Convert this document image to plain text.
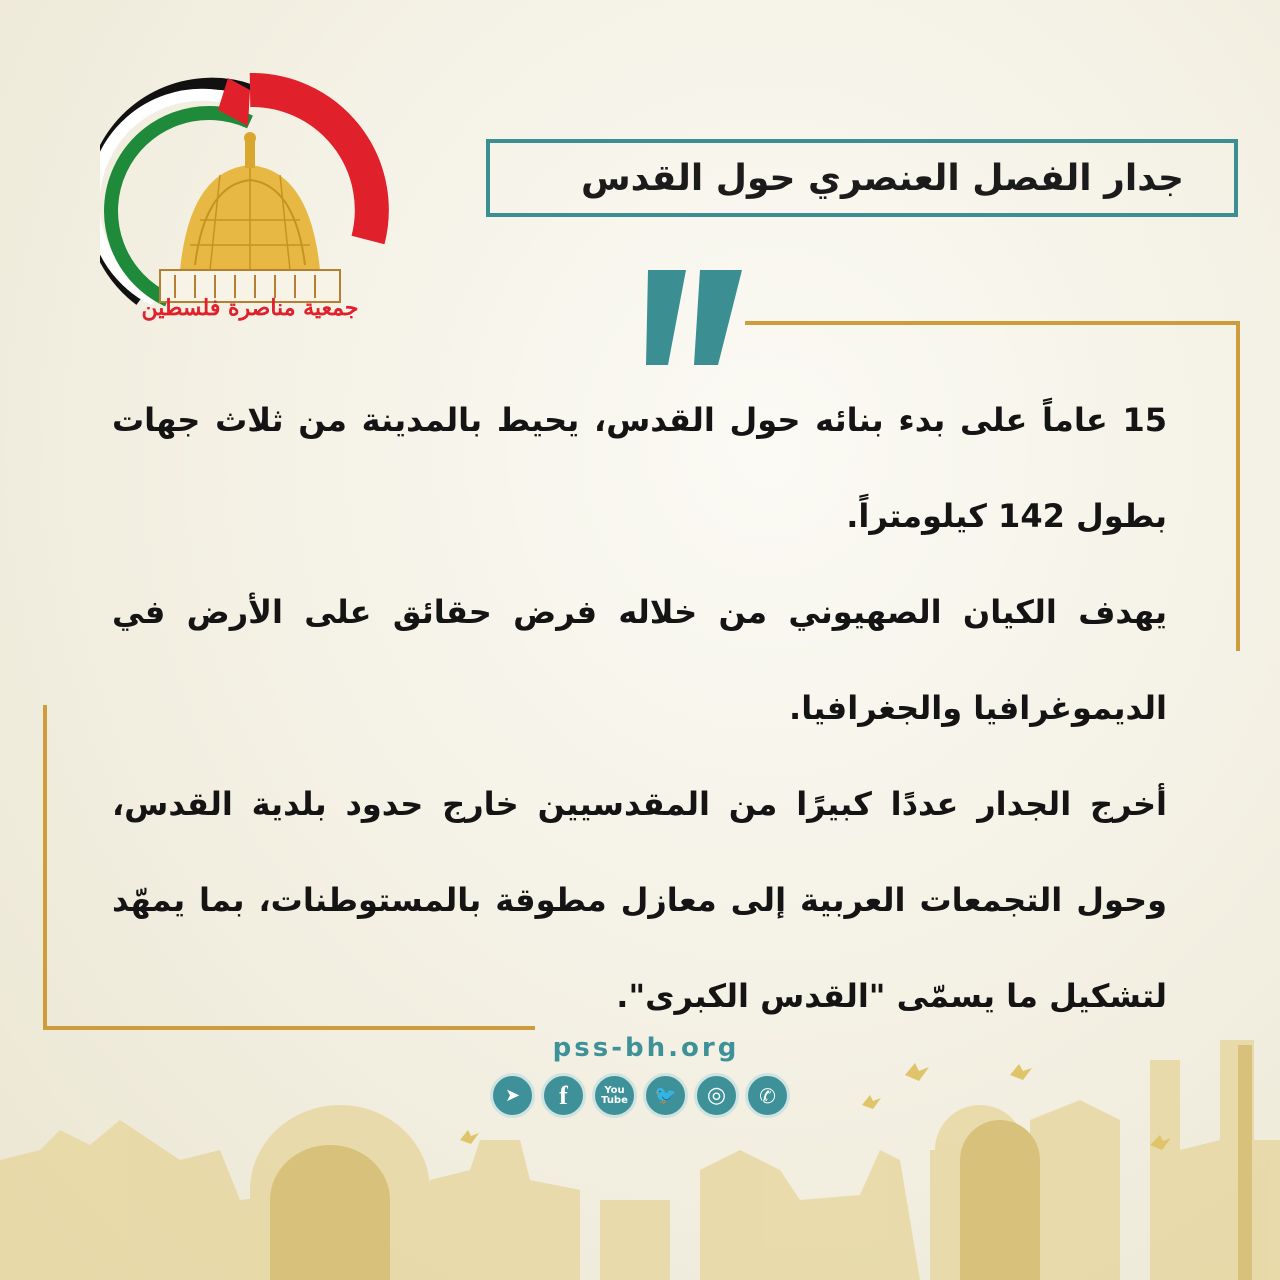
جمعية مناصرة فلسطين
جدار الفصل العنصري حول القدس

15 عاماً على بدء بنائه حول القدس، يحيط بالمدينة من ثلاث جهات بطول 142 كيلومتراً.

يهدف الكيان الصهيوني من خلاله فرض حقائق على الأرض في الديموغرافيا والجغرافيا.

أخرج الجدار عددًا كبيرًا من المقدسيين خارج حدود بلدية القدس، وحول التجمعات العربية إلى معازل مطوقة بالمستوطنات، بما يمهّد لتشكيل ما يسمّى "القدس الكبرى".

pss-bh.org
➤ f	You
Tube 🐦 ◎ ✆
